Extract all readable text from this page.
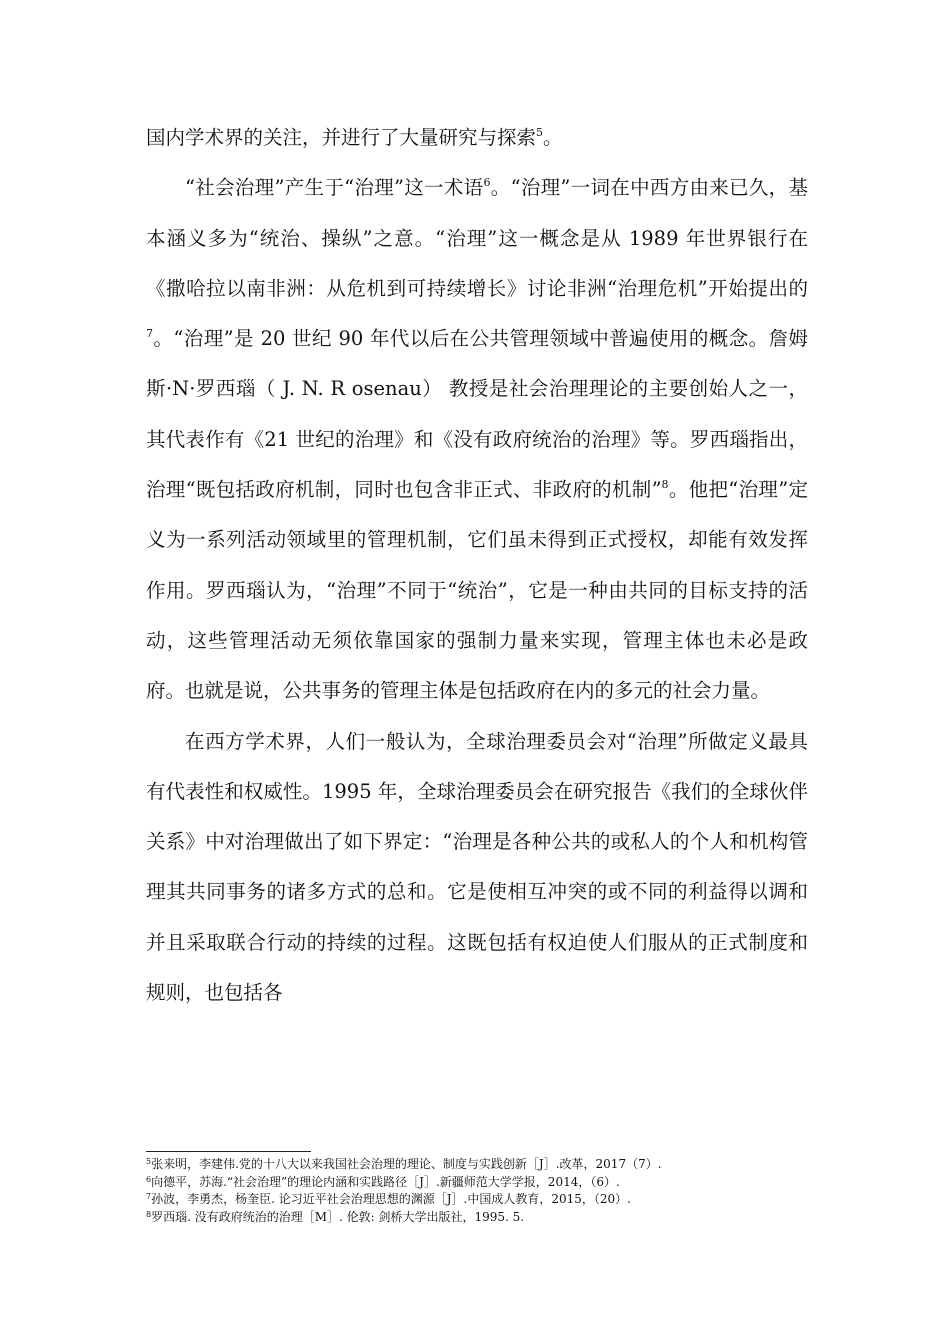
国内学术界的关注，并进行了大量研究与探索$^5$。

“社会治理”产生于“治理”这一术语$^6$。“治理”一词在中西方由来已久，基本涵义多为“统治、操纵”之意。“治理”这一概念是从 1989 年世界银行在《撒哈拉以南非洲：从危机到可持续增长》讨论非洲“治理危机”开始提出的$^7$。“治理”是 20 世纪 90 年代以后在公共管理领域中普遍使用的概念。詹姆斯·N·罗西瑙（ J. N. R osenau） 教授是社会治理理论的主要创始人之一，其代表作有《21 世纪的治理》和《没有政府统治的治理》等。罗西瑙指出，治理“既包括政府机制，同时也包含非正式、非政府的机制”$^8$。他把“治理”定义为一系列活动领域里的管理机制，它们虽未得到正式授权，却能有效发挥作用。罗西瑙认为，“治理”不同于“统治”，它是一种由共同的目标支持的活动，这些管理活动无须依靠国家的强制力量来实现，管理主体也未必是政府。也就是说，公共事务的管理主体是包括政府在内的多元的社会力量。

在西方学术界，人们一般认为，全球治理委员会对“治理”所做定义最具有代表性和权威性。1995 年，全球治理委员会在研究报告《我们的全球伙伴关系》中对治理做出了如下界定：“治理是各种公共的或私人的个人和机构管理其共同事务的诸多方式的总和。它是使相互冲突的或不同的利益得以调和并且采取联合行动的持续的过程。这既包括有权迫使人们服从的正式制度和规则，也包括各

$^5$张来明，李建伟.党的十八大以来我国社会治理的理论、制度与实践创新［J］.改革，2017（7）.
$^6$向德平，苏海.“社会治理”的理论内涵和实践路径［J］.新疆师范大学学报，2014，（6）.
$^7$孙波，李勇杰，杨奎臣. 论习近平社会治理思想的渊源［J］.中国成人教育，2015，（20）.
$^8$罗西瑙. 没有政府统治的治理［M］. 伦敦: 剑桥大学出版社，1995. 5.
